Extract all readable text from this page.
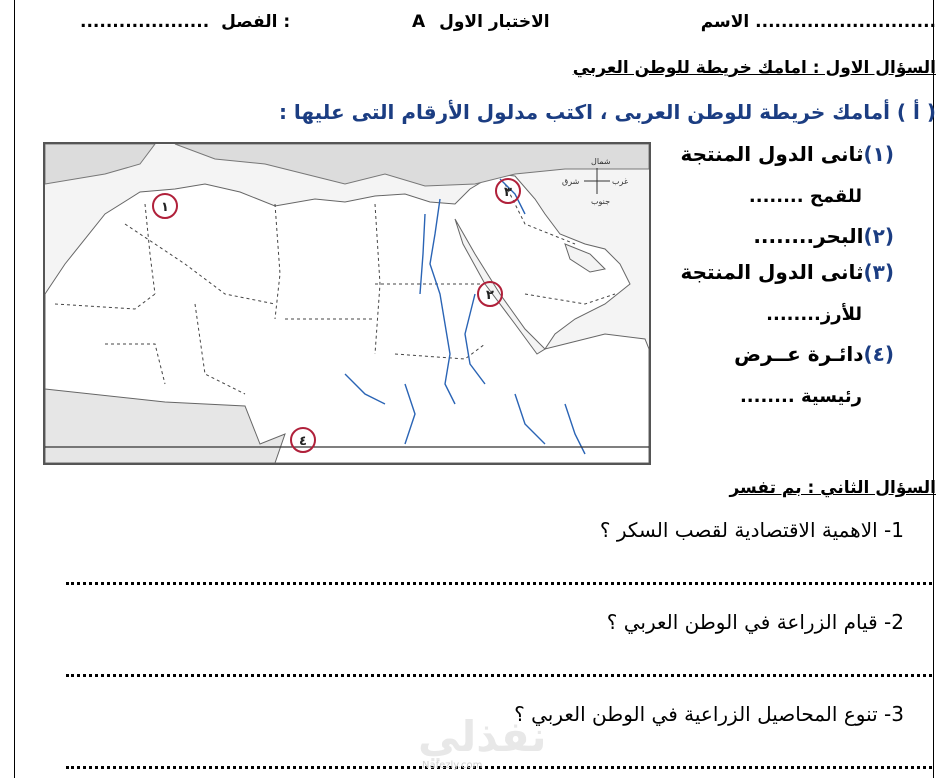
الاسم ............................
A الاختبار الاول
.................... الفصل :
السؤال الاول : امامك خريطة للوطن العربي
( أ ) أمامك خريطة للوطن العربى ، اكتب مدلول الأرقام التى عليها :
شمال
جنوب
شرق	غرب
١
٢
٣
٤
(١)ثانى الدول المنتجة
للقمح ........
(٢)البحر........
(٣)ثانى الدول المنتجة
للأرز........
(٤)دائـرة عــرض
رئيسية ........
السؤال الثاني : بم تفسر
1- الاهمية الاقتصادية لقصب السكر ؟
2- قيام الزراعة في الوطن العربي ؟
3- تنوع المحاصيل الزراعية في الوطن العربي ؟
نفذلي
Nafezly.com
